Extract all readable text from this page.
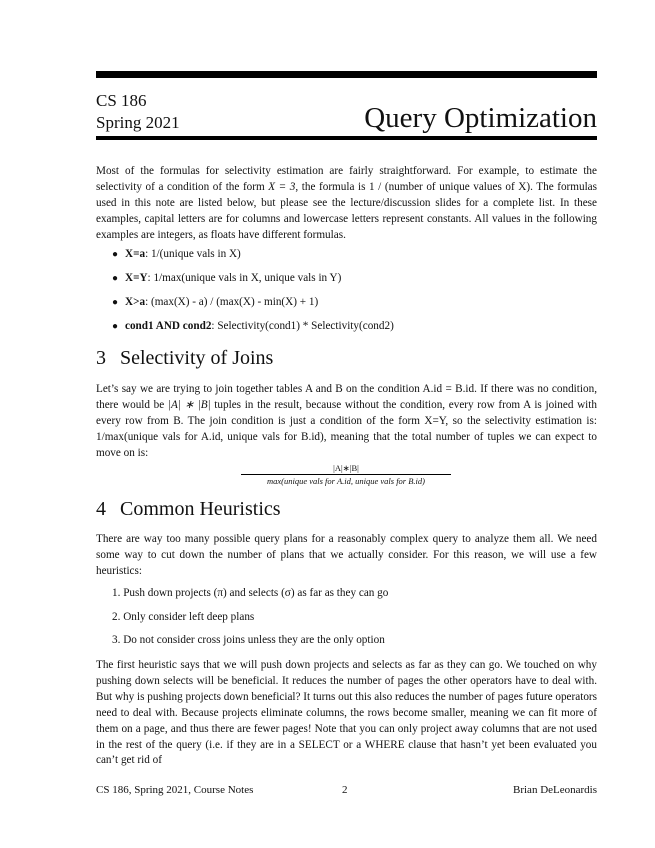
CS 186
Spring 2021	Query Optimization

Most of the formulas for selectivity estimation are fairly straightforward. For example, to estimate the selectivity of a condition of the form X = 3, the formula is 1 / (number of unique values of X). The formulas used in this note are listed below, but please see the lecture/discussion slides for a complete list. In these examples, capital letters are for columns and lowercase letters represent constants. All values in the following examples are integers, as floats have different formulas.

● X=a: 1/(unique vals in X)
● X=Y: 1/max(unique vals in X, unique vals in Y)
● X>a: (max(X) - a) / (max(X) - min(X) + 1)
● cond1 AND cond2: Selectivity(cond1) * Selectivity(cond2)
3 Selectivity of Joins

Let’s say we are trying to join together tables A and B on the condition A.id = B.id. If there was no condition, there would be |A| ∗ |B| tuples in the result, because without the condition, every row from A is joined with every row from B. The join condition is just a condition of the form X=Y, so the selectivity estimation is: 1/max(unique vals for A.id, unique vals for B.id), meaning that the total number of tuples we can expect to move on is:

|A|∗|B|
max(unique vals for A.id, unique vals for B.id)
4 Common Heuristics

There are way too many possible query plans for a reasonably complex query to analyze them all. We need some way to cut down the number of plans that we actually consider. For this reason, we will use a few heuristics:

1. Push down projects (π) and selects (σ) as far as they can go
2. Only consider left deep plans
3. Do not consider cross joins unless they are the only option

The first heuristic says that we will push down projects and selects as far as they can go. We touched on why pushing down selects will be beneficial. It reduces the number of pages the other operators have to deal with. But why is pushing projects down beneficial? It turns out this also reduces the number of pages future operators need to deal with. Because projects eliminate columns, the rows become smaller, meaning we can fit more of them on a page, and thus there are fewer pages! Note that you can only project away columns that are not used in the rest of the query (i.e. if they are in a SELECT or a WHERE clause that hasn’t yet been evaluated you can’t get rid of

CS 186, Spring 2021, Course Notes	2	Brian DeLeonardis
